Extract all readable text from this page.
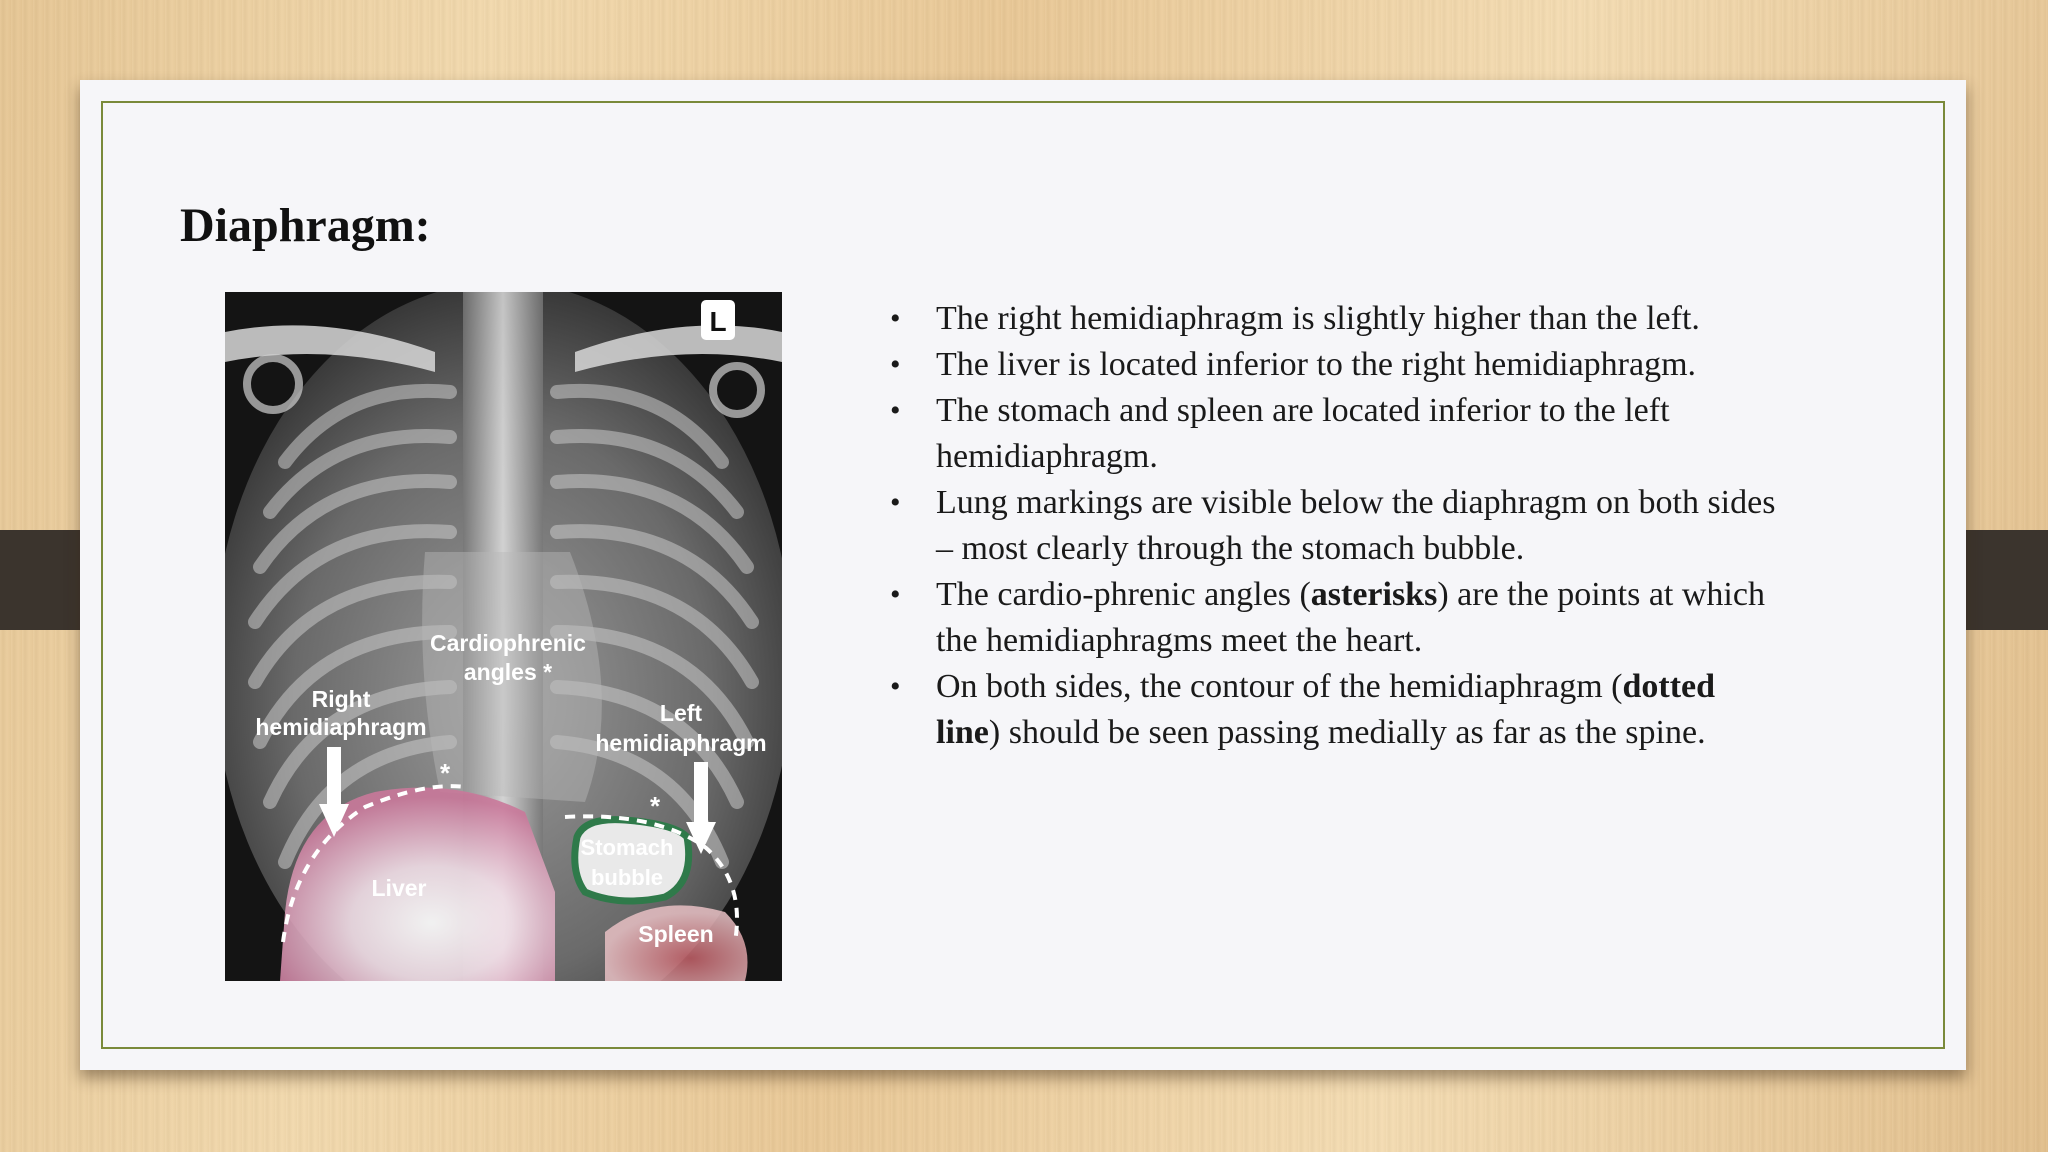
Diaphragm:
L
Cardiophrenic
angles *
Right
hemidiaphragm
Left
hemidiaphragm
Liver
Stomach
bubble
Spleen
*
*
• The right hemidiaphragm is slightly higher than the left.
• The liver is located inferior to the right hemidiaphragm.
• The stomach and spleen are located inferior to the left hemidiaphragm.
• Lung markings are visible below the diaphragm on both sides – most clearly through the stomach bubble.
• The cardio-phrenic angles (asterisks) are the points at which the hemidiaphragms meet the heart.
• On both sides, the contour of the hemidiaphragm (dotted line) should be seen passing medially as far as the spine.
